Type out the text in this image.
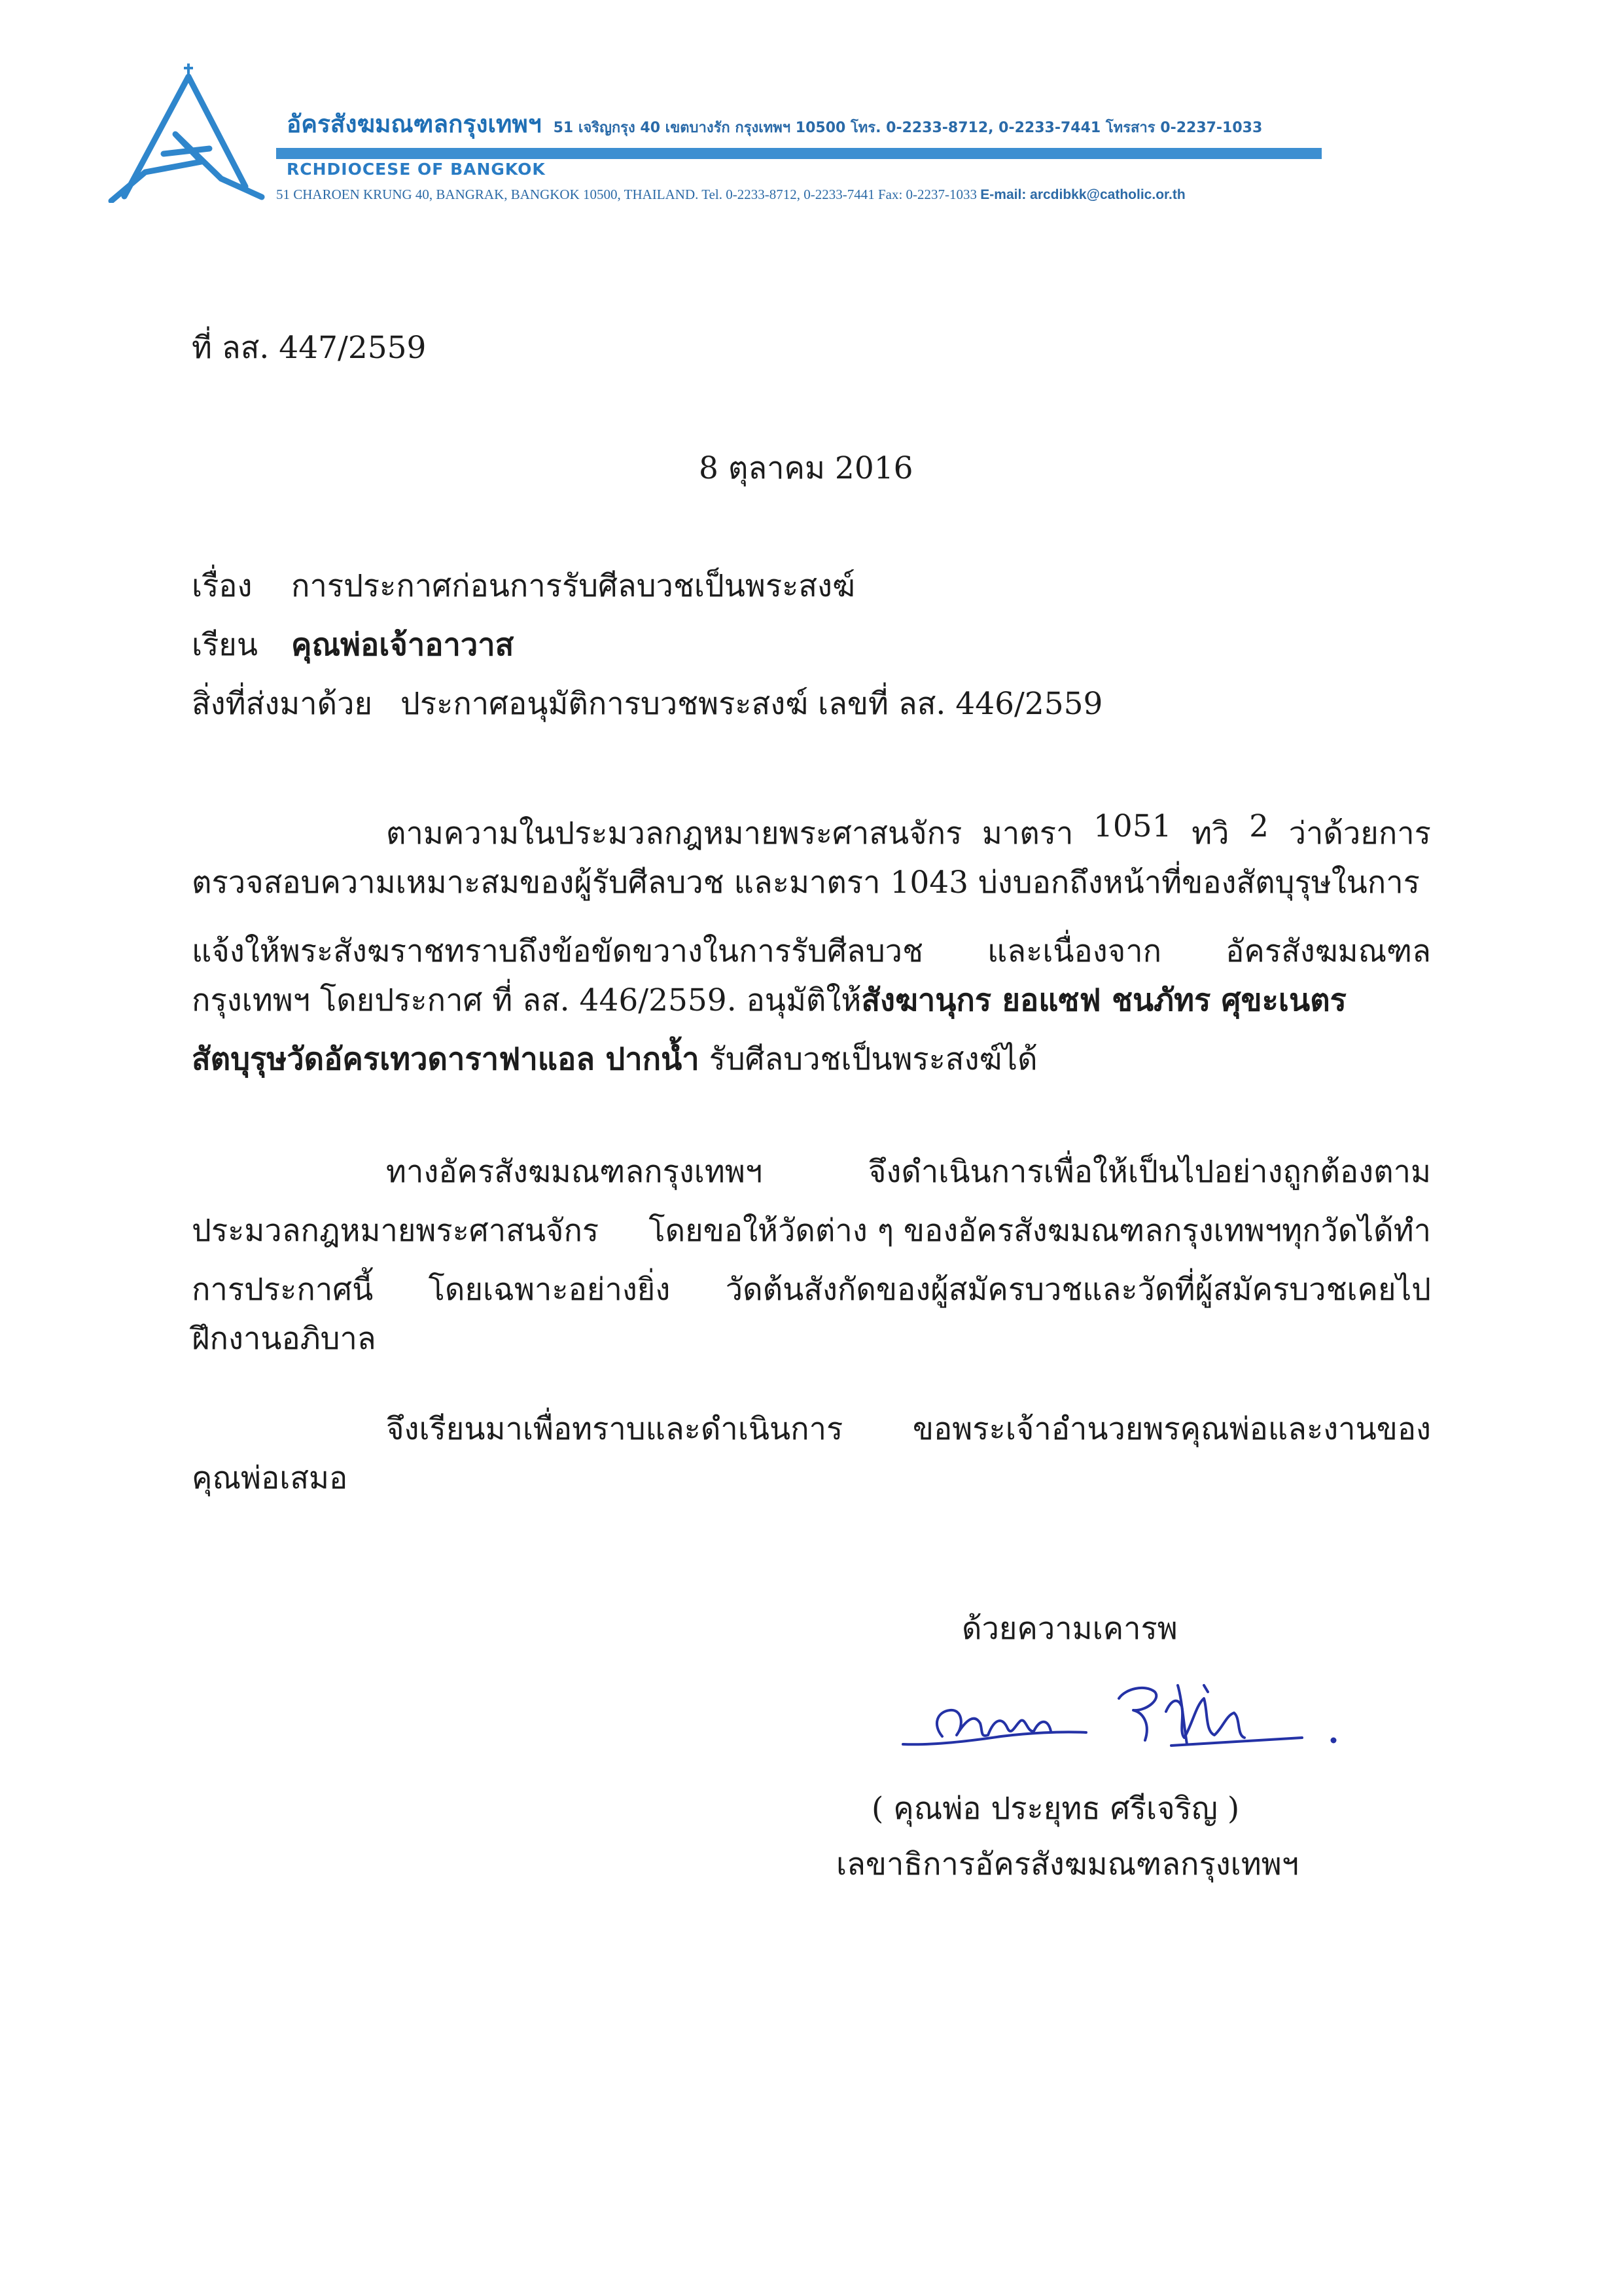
อัครสังฆมณฑลกรุงเทพฯ 51 เจริญกรุง 40 เขตบางรัก กรุงเทพฯ 10500 โทร. 0-2233-8712, 0-2233-7441 โทรสาร 0-2237-1033
RCHDIOCESE OF BANGKOK
51 CHAROEN KRUNG 40, BANGRAK, BANGKOK 10500, THAILAND. Tel. 0-2233-8712, 0-2233-7441 Fax: 0-2237-1033 E-mail: arcdibkk@catholic.or.th
ที่ ลส. 447/2559
8 ตุลาคม 2016
เรื่อง การประกาศก่อนการรับศีลบวชเป็นพระสงฆ์
เรียน คุณพ่อเจ้าอาวาส
สิ่งที่ส่งมาด้วย ประกาศอนุมัติการบวชพระสงฆ์ เลขที่ ลส. 446/2559
ตามความในประมวลกฎหมายพระศาสนจักร มาตรา 1051 ทวิ 2 ว่าด้วยการ
ตรวจสอบความเหมาะสมของผู้รับศีลบวช และมาตรา 1043 บ่งบอกถึงหน้าที่ของสัตบุรุษในการ
แจ้งให้พระสังฆราชทราบถึงข้อขัดขวางในการรับศีลบวช และเนื่องจาก อัครสังฆมณฑล
กรุงเทพฯ โดยประกาศ ที่ ลส. 446/2559. อนุมัติให้สังฆานุกร ยอแซฟ ชนภัทร ศุขะเนตร
สัตบุรุษวัดอัครเทวดาราฟาแอล ปากน้ำ รับศีลบวชเป็นพระสงฆ์ได้
ทางอัครสังฆมณฑลกรุงเทพฯ	จึงดำเนินการเพื่อให้เป็นไปอย่างถูกต้องตาม
ประมวลกฎหมายพระศาสนจักร โดยขอให้วัดต่าง ๆ ของอัครสังฆมณฑลกรุงเทพฯทุกวัดได้ทำ
การประกาศนี้ โดยเฉพาะอย่างยิ่ง วัดต้นสังกัดของผู้สมัครบวชและวัดที่ผู้สมัครบวชเคยไป
ฝึกงานอภิบาล
จึงเรียนมาเพื่อทราบและดำเนินการ ขอพระเจ้าอำนวยพรคุณพ่อและงานของ
คุณพ่อเสมอ
ด้วยความเคารพ
( คุณพ่อ ประยุทธ ศรีเจริญ )
เลขาธิการอัครสังฆมณฑลกรุงเทพฯ
